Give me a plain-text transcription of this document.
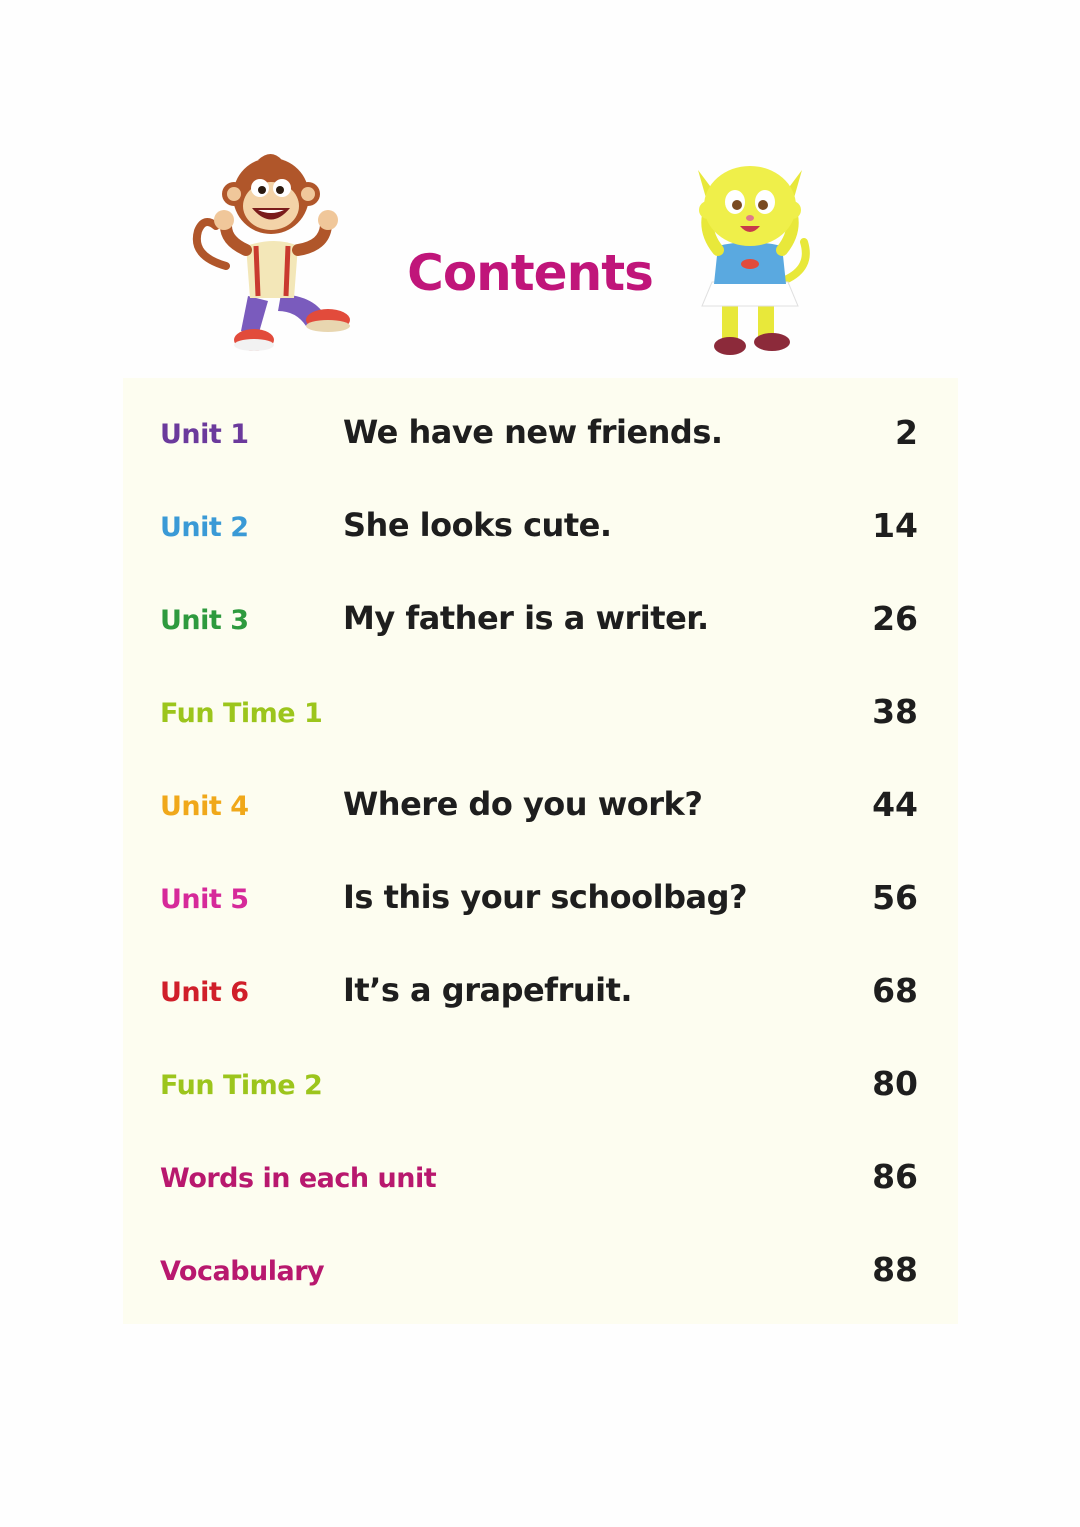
Contents
Unit 1	We have new friends.	2
Unit 2	She looks cute.	14
Unit 3	My father is a writer.	26
Fun Time 1	38
Unit 4	Where do you work?	44
Unit 5	Is this your schoolbag?	56
Unit 6	It’s a grapefruit.	68
Fun Time 2	80
Words in each unit	86
Vocabulary	88
